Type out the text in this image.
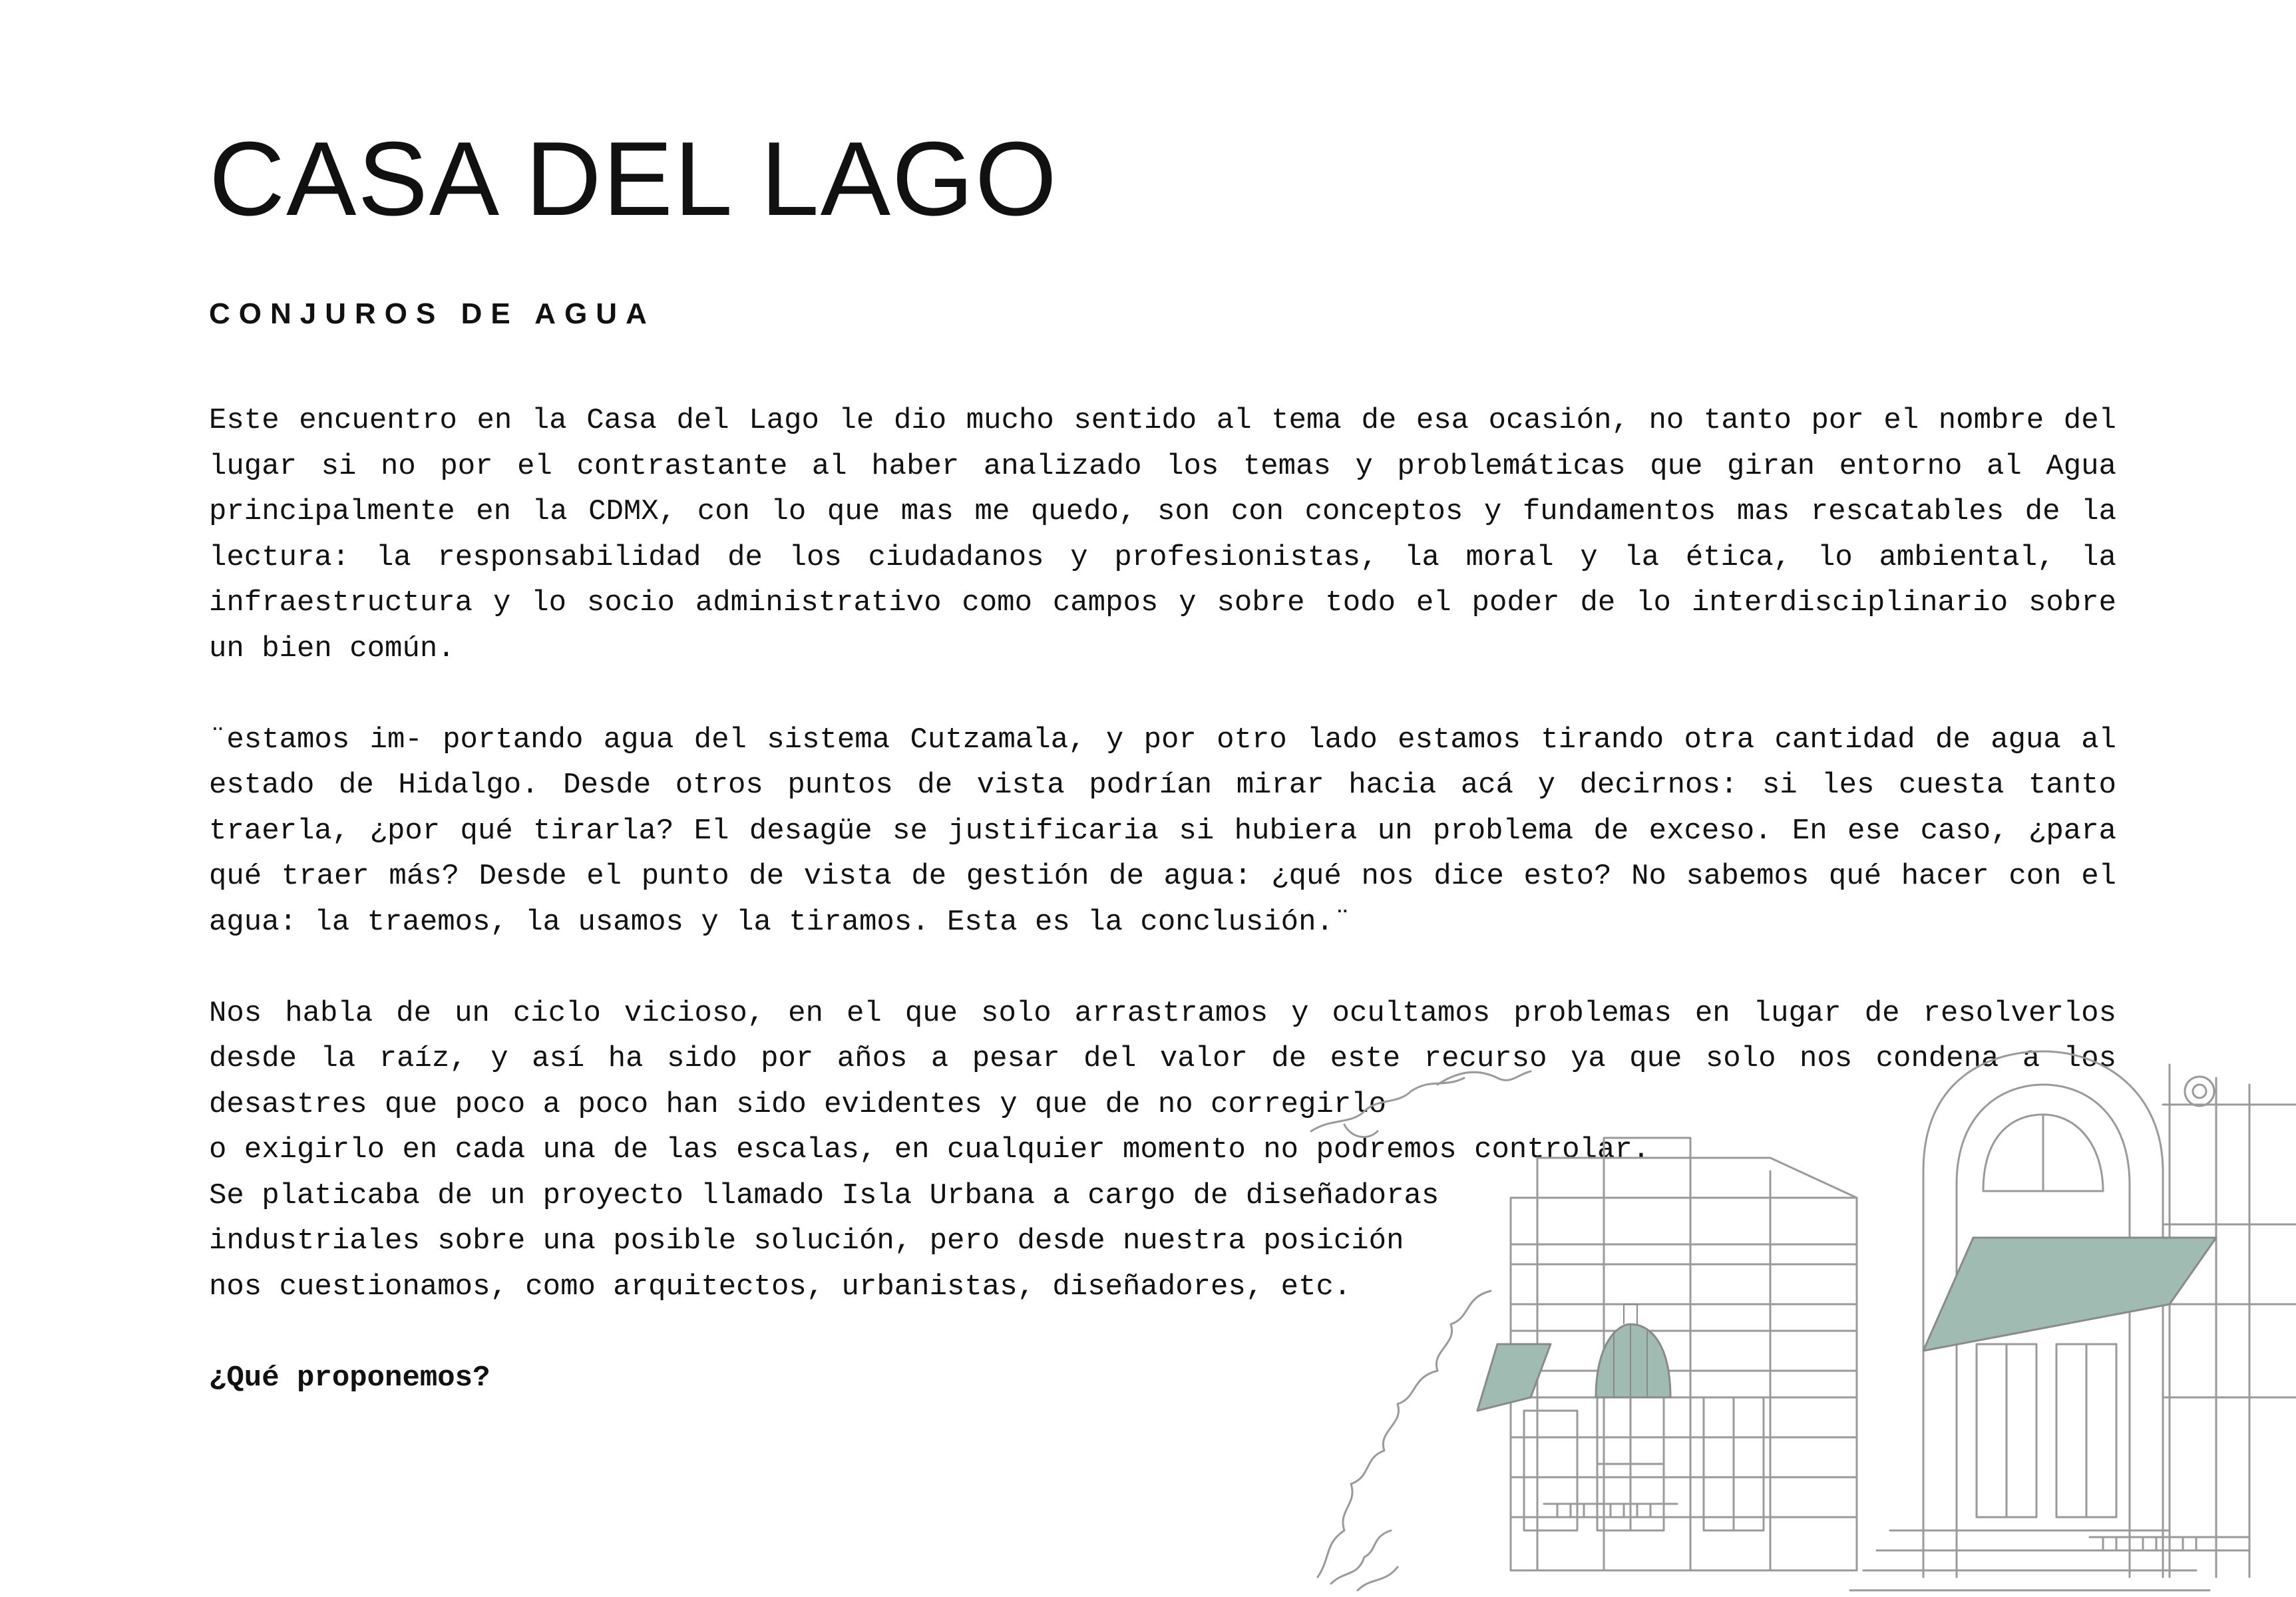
CASA DEL LAGO
CONJUROS DE AGUA

Este encuentro en la Casa del Lago le dio mucho sentido al tema de esa ocasión, no tanto por el nombre del lugar si no por el contrastante al haber analizado los temas y problemáticas que giran entorno al Agua principalmente en la CDMX, con lo que mas me quedo, son con conceptos y fundamentos mas rescatables de la lectura: la responsabilidad de los ciudadanos y profesionistas, la moral y la ética, lo ambiental, la infraestructura y lo socio administrativo como campos y sobre todo el poder de lo interdisciplinario sobre un bien común.

¨estamos im- portando agua del sistema Cutzamala, y por otro lado estamos tirando otra cantidad de agua al estado de Hidalgo. Desde otros puntos de vista podrían mirar hacia acá y decirnos: si les cuesta tanto traerla, ¿por qué tirarla? El desagüe se justificaria si hubiera un problema de exceso. En ese caso, ¿para qué traer más? Desde el punto de vista de gestión de agua: ¿qué nos dice esto? No sabemos qué hacer con el agua: la traemos, la usamos y la tiramos. Esta es la conclusión.¨

Nos habla de un ciclo vicioso, en el que solo arrastramos y ocultamos problemas en lugar de resolverlos desde la raíz, y así ha sido por años a pesar del valor de este recurso ya que solo nos condena a los desastres que poco a poco han sido evidentes y que de no corregirlo

o exigirlo en cada una de las escalas, en cualquier momento no podremos controlar.
Se platicaba de un proyecto llamado Isla Urbana a cargo de diseñadoras
industriales sobre una posible solución, pero desde nuestra posición
nos cuestionamos, como arquitectos, urbanistas, diseñadores, etc.

¿Qué proponemos?
